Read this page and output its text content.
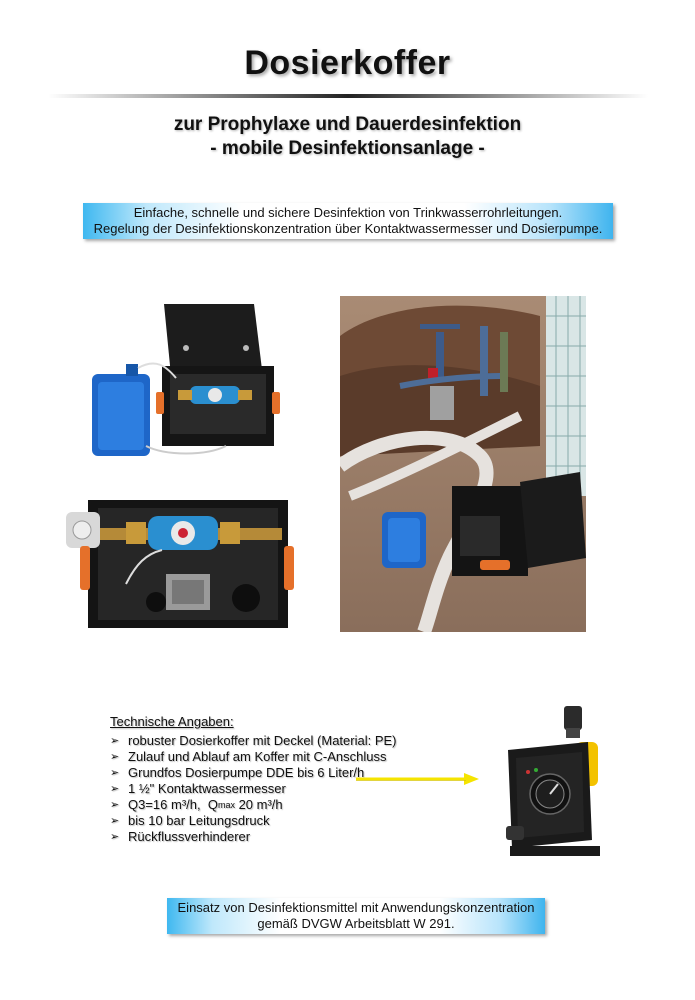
Dosierkoffer
zur Prophylaxe und Dauerdesinfektion
- mobile Desinfektionsanlage -
Einfache, schnelle und sichere Desinfektion von Trinkwasserrohrleitungen.
Regelung der Desinfektionskonzentration über Kontaktwassermesser und Dosierpumpe.
Technische Angaben:
➢ robuster Dosierkoffer mit Deckel (Material: PE)
➢ Zulauf und Ablauf am Koffer mit C-Anschluss
➢ Grundfos Dosierpumpe DDE bis 6 Liter/h
➢ 1 ½" Kontaktwassermesser
➢ Q3=16 m³/h,  Q max 20 m³/h
➢ bis 10 bar Leitungsdruck
➢ Rückflussverhinderer
Einsatz von Desinfektionsmittel mit Anwendungskonzentration
gemäß DVGW Arbeitsblatt W 291.
